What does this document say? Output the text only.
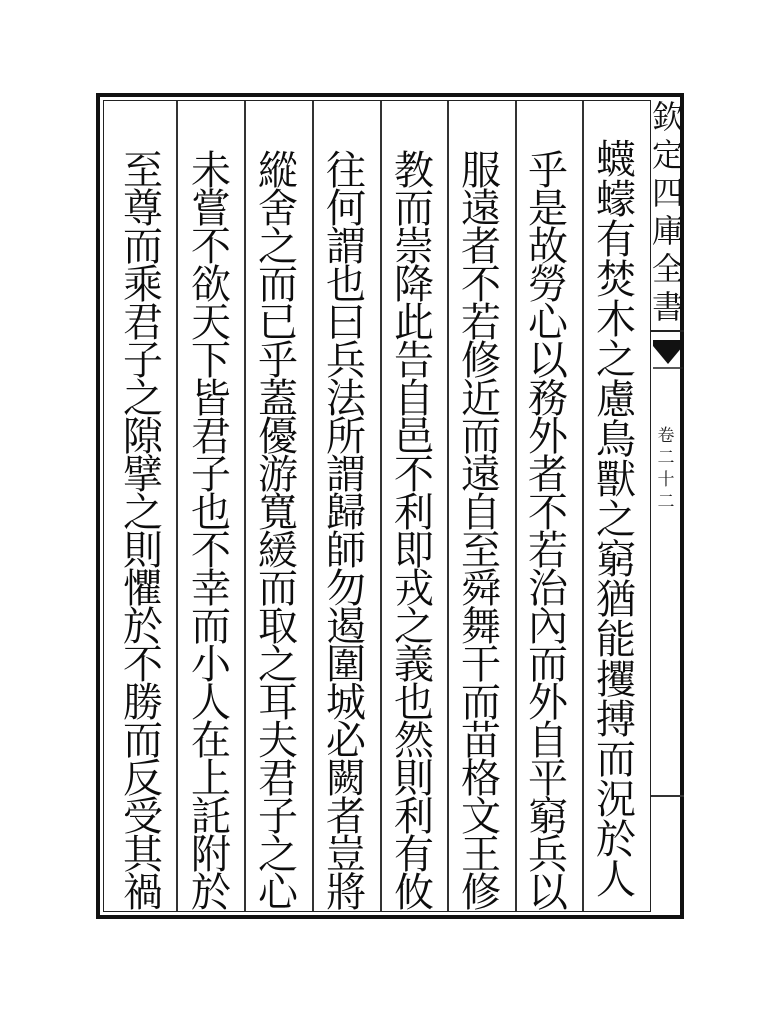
欽
定
四
庫
全
書
卷
二
十
二
蠛
蠓
有
焚
木
之
慮
鳥
獸
之
窮
猶
能
攫
搏
而
況
於
人
乎
是
故
勞
心
以
務
外
者
不
若
治
內
而
外
自
平
窮
兵
以
服
遠
者
不
若
修
近
而
遠
自
至
舜
舞
干
而
苗
格
文
王
修
教
而
崇
降
此
告
自
邑
不
利
即
戎
之
義
也
然
則
利
有
攸
往
何
謂
也
曰
兵
法
所
謂
歸
師
勿
遏
圍
城
必
闕
者
豈
將
縱
舍
之
而
已
乎
蓋
優
游
寬
緩
而
取
之
耳
夫
君
子
之
心
未
嘗
不
欲
天
下
皆
君
子
也
不
幸
而
小
人
在
上
託
附
於
至
尊
而
乘
君
子
之
隙
擘
之
則
懼
於
不
勝
而
反
受
其
禍
